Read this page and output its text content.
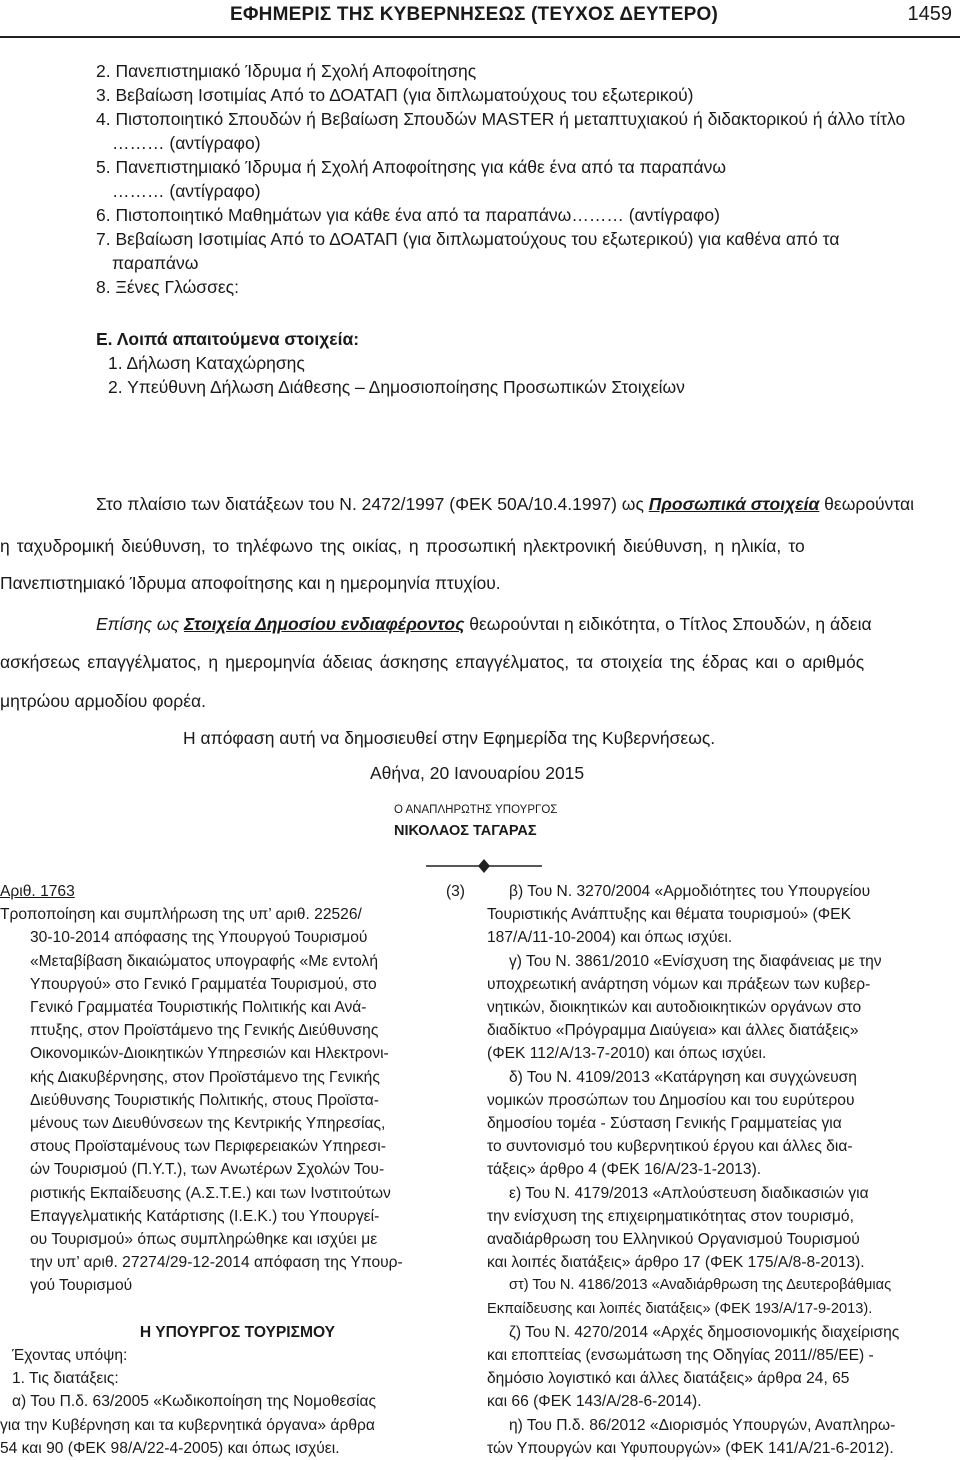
ΕΦΗΜΕΡΙΣ ΤΗΣ ΚΥΒΕΡΝΗΣΕΩΣ (ΤΕΥΧΟΣ ΔΕΥΤΕΡΟ)	1459
2. Πανεπιστημιακό Ίδρυμα ή Σχολή Αποφοίτησης
3. Βεβαίωση Ισοτιμίας Από το ΔΟΑΤΑΠ (για διπλωματούχους του εξωτερικού)
4. Πιστοποιητικό Σπουδών ή Βεβαίωση Σπουδών MASTER ή μεταπτυχιακού ή διδακτορικού ή άλλο τίτλο
……… (αντίγραφο)
5. Πανεπιστημιακό Ίδρυμα ή Σχολή Αποφοίτησης για κάθε ένα από τα παραπάνω
……… (αντίγραφο)
6. Πιστοποιητικό Μαθημάτων για κάθε ένα από τα παραπάνω……… (αντίγραφο)
7. Βεβαίωση Ισοτιμίας Από το ΔΟΑΤΑΠ (για διπλωματούχους του εξωτερικού) για καθένα από τα
παραπάνω
8. Ξένες Γλώσσες:
Ε. Λοιπά απαιτούμενα στοιχεία:
1. Δήλωση Καταχώρησης
2. Υπεύθυνη Δήλωση Διάθεσης – Δημοσιοποίησης Προσωπικών Στοιχείων
Στο πλαίσιο των διατάξεων του Ν. 2472/1997 (ΦΕΚ 50Α/10.4.1997) ως Προσωπικά στοιχεία θεωρούνται
η ταχυδρομική διεύθυνση, το τηλέφωνο της οικίας, η προσωπική ηλεκτρονική διεύθυνση, η ηλικία, το
Πανεπιστημιακό Ίδρυμα αποφοίτησης και η ημερομηνία πτυχίου.
Επίσης ως Στοιχεία Δημοσίου ενδιαφέροντος θεωρούνται η ειδικότητα, ο Τίτλος Σπουδών, η άδεια
ασκήσεως επαγγέλματος, η ημερομηνία άδειας άσκησης επαγγέλματος, τα στοιχεία της έδρας και ο αριθμός
μητρώου αρμοδίου φορέα.
Η απόφαση αυτή να δημοσιευθεί στην Εφημερίδα της Κυβερνήσεως.
Αθήνα, 20 Ιανουαρίου 2015
Ο ΑΝΑΠΛΗΡΩΤΗΣ ΥΠΟΥΡΓΟΣ
ΝΙΚΟΛΑΟΣ ΤΑΓΑΡΑΣ
Αριθ. 1763	(3)
Τροποποίηση και συμπλήρωση της υπ’ αριθ. 22526/
30-10-2014 απόφασης της Υπουργού Τουρισμού
«Μεταβίβαση δικαιώματος υπογραφής «Με εντολή
Υπουργού» στο Γενικό Γραμματέα Τουρισμού, στο
Γενικό Γραμματέα Τουριστικής Πολιτικής και Ανά-
πτυξης, στον Προϊστάμενο της Γενικής Διεύθυνσης
Οικονομικών-Διοικητικών Υπηρεσιών και Ηλεκτρονι-
κής Διακυβέρνησης, στον Προϊστάμενο της Γενικής
Διεύθυνσης Τουριστικής Πολιτικής, στους Προϊστα-
μένους των Διευθύνσεων της Κεντρικής Υπηρεσίας,
στους Προϊσταμένους των Περιφερειακών Υπηρεσι-
ών Τουρισμού (Π.Υ.Τ.), των Ανωτέρων Σχολών Του-
ριστικής Εκπαίδευσης (Α.Σ.Τ.Ε.) και των Ινστιτούτων
Επαγγελματικής Κατάρτισης (Ι.Ε.Κ.) του Υπουργεί-
ου Τουρισμού» όπως συμπληρώθηκε και ισχύει με
την υπ’ αριθ. 27274/29-12-2014 απόφαση της Υπουρ-
γού Τουρισμού
Η ΥΠΟΥΡΓΟΣ ΤΟΥΡΙΣΜΟΥ
Έχοντας υπόψη:
1. Τις διατάξεις:
α) Του Π.δ. 63/2005 «Κωδικοποίηση της Νομοθεσίας
για την Κυβέρνηση και τα κυβερνητικά όργανα» άρθρα
54 και 90 (ΦΕΚ 98/Α/22-4-2005) και όπως ισχύει.
β) Του Ν. 3270/2004 «Αρμοδιότητες του Υπουργείου
Τουριστικής Ανάπτυξης και θέματα τουρισμού» (ΦΕΚ
187/Α/11-10-2004) και όπως ισχύει.
γ) Του Ν. 3861/2010 «Ενίσχυση της διαφάνειας με την
υποχρεωτική ανάρτηση νόμων και πράξεων των κυβερ-
νητικών, διοικητικών και αυτοδιοικητικών οργάνων στο
διαδίκτυο «Πρόγραμμα Διαύγεια» και άλλες διατάξεις»
(ΦΕΚ 112/Α/13-7-2010) και όπως ισχύει.
δ) Του Ν. 4109/2013 «Κατάργηση και συγχώνευση
νομικών προσώπων του Δημοσίου και του ευρύτερου
δημοσίου τομέα - Σύσταση Γενικής Γραμματείας για
το συντονισμό του κυβερνητικού έργου και άλλες δια-
τάξεις» άρθρο 4 (ΦΕΚ 16/Α/23-1-2013).
ε) Του Ν. 4179/2013 «Απλούστευση διαδικασιών για
την ενίσχυση της επιχειρηματικότητας στον τουρισμό,
αναδιάρθρωση του Ελληνικού Οργανισμού Τουρισμού
και λοιπές διατάξεις» άρθρο 17 (ΦΕΚ 175/Α/8-8-2013).
στ) Του Ν. 4186/2013 «Αναδιάρθρωση της Δευτεροβάθμιας
Εκπαίδευσης και λοιπές διατάξεις» (ΦΕΚ 193/Α/17-9-2013).
ζ) Του Ν. 4270/2014 «Αρχές δημοσιονομικής διαχείρισης
και εποπτείας (ενσωμάτωση της Οδηγίας 2011//85/ΕΕ) -
δημόσιο λογιστικό και άλλες διατάξεις» άρθρα 24, 65
και 66 (ΦΕΚ 143/Α/28-6-2014).
η) Του Π.δ. 86/2012 «Διορισμός Υπουργών, Αναπληρω-
τών Υπουργών και Υφυπουργών» (ΦΕΚ 141/Α/21-6-2012).
